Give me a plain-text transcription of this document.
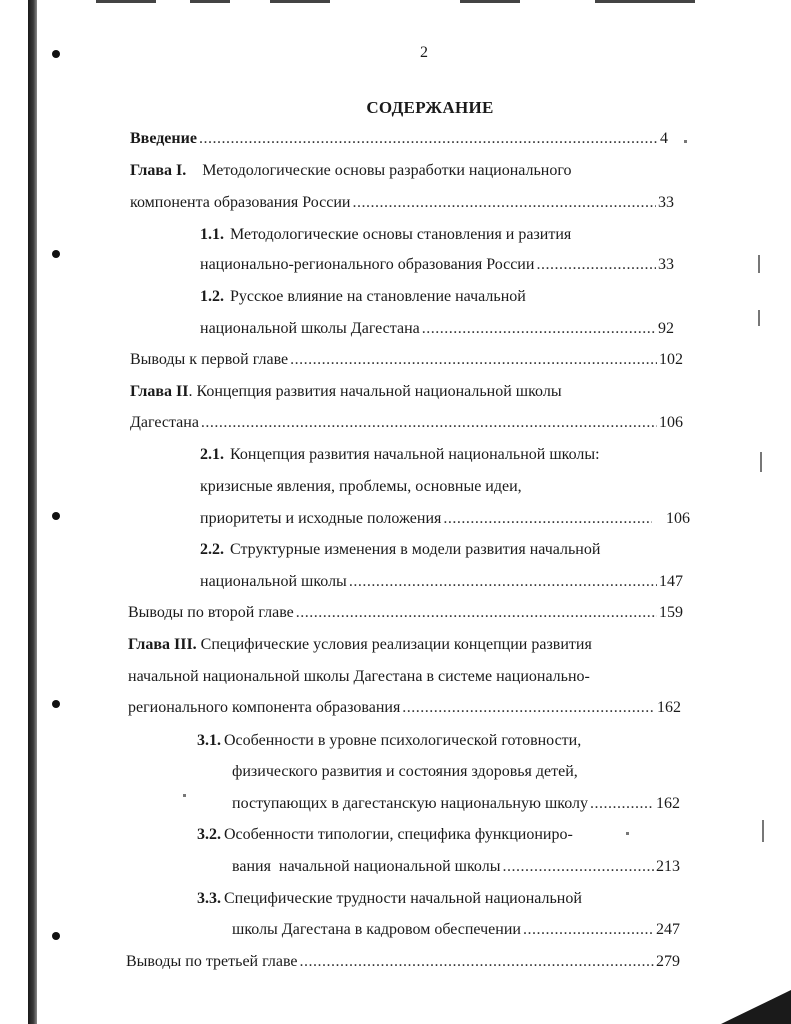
2
СОДЕРЖАНИЕ
Введение .....	4
Глава I. Методологические основы разработки национального
компонента образования России .....	33
1.1. Методологические основы становления и разития
национально-регионального образования России .....	33
1.2. Русское влияние на становление начальной
национальной школы Дагестана .....	92
Выводы к первой главе .....	102
Глава II. Концепция развития начальной национальной школы
Дагестана .....	106
2.1. Концепция развития начальной национальной школы:
кризисные явления, проблемы, основные идеи,
приоритеты и исходные положения .....	106
2.2. Структурные изменения в модели развития начальной
национальной школы .....	147
Выводы по второй главе .....	159
Глава III. Специфические условия реализации концепции развития
начальной национальной школы Дагестана в системе национально-
регионального компонента образования .....	162
3.1. Особенности в уровне психологической готовности,
физического развития и состояния здоровья детей,
поступающих в дагестанскую национальную школу .....	162
3.2. Особенности типологии, специфика функциониро-
вания  начальной национальной школы .....	213
3.3. Специфические трудности начальной национальной
школы Дагестана в кадровом обеспечении .....	247
Выводы по третьей главе .....	279
